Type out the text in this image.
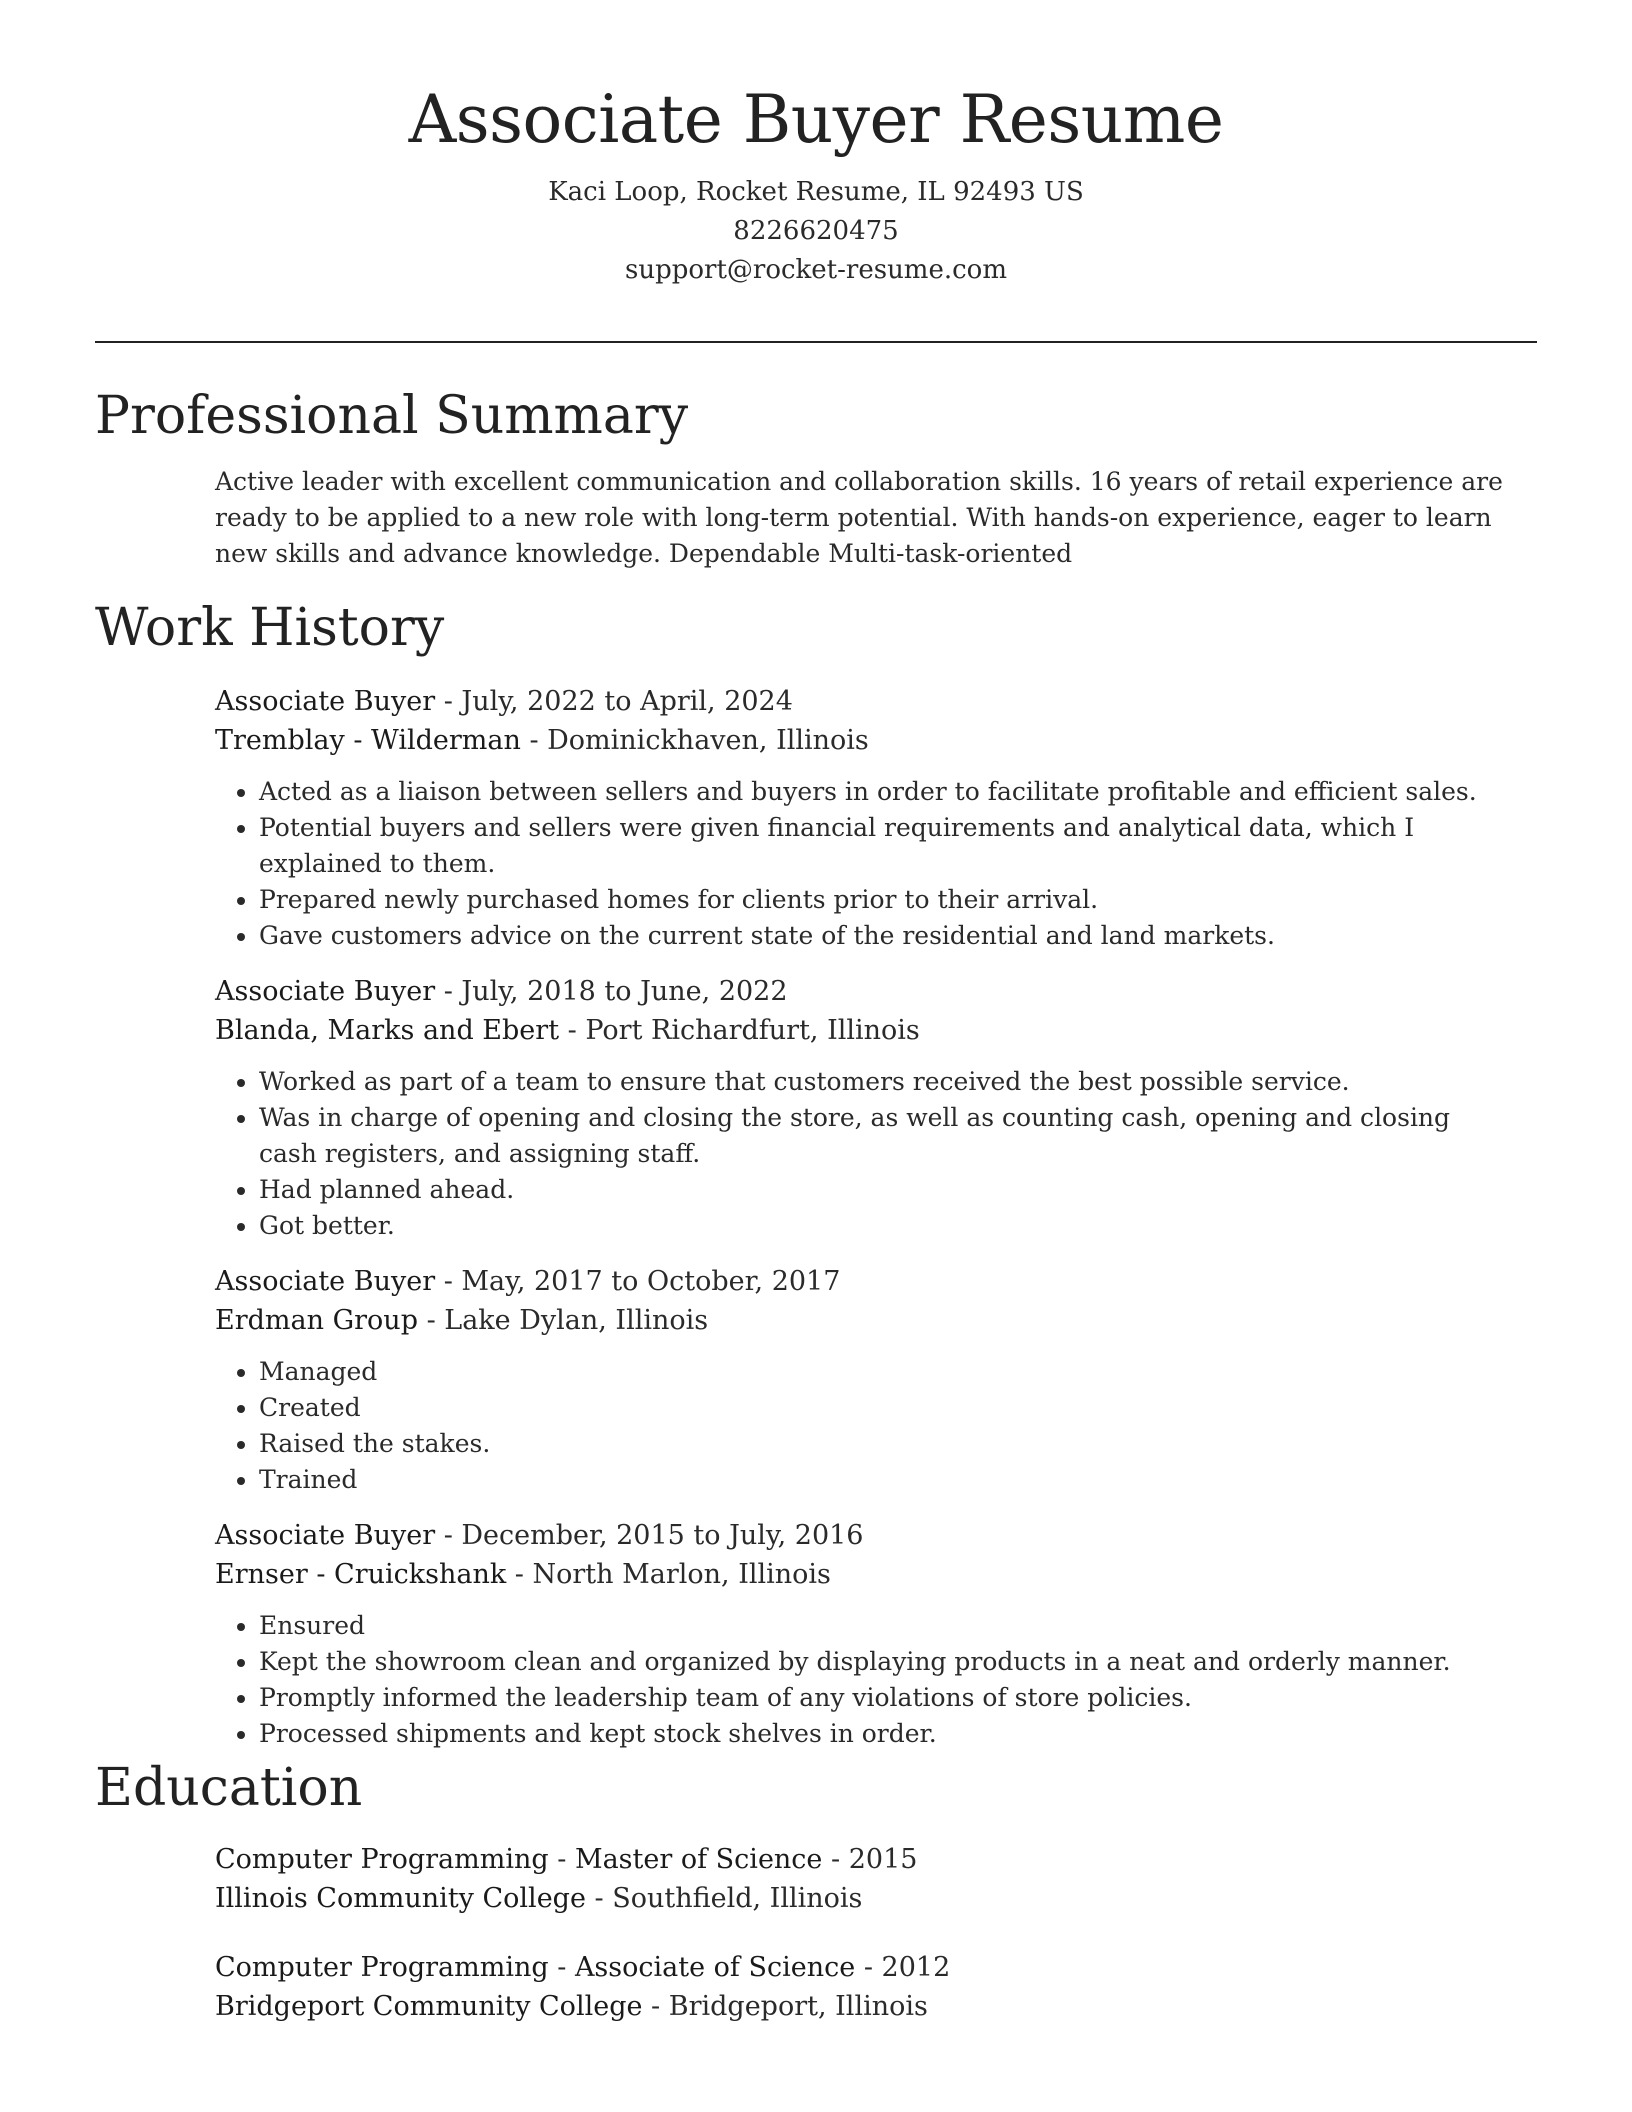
Associate Buyer Resume
Kaci Loop, Rocket Resume, IL 92493 US
8226620475
support@rocket-resume.com
Professional Summary

Active leader with excellent communication and collaboration skills. 16 years of retail experience are ready to be applied to a new role with long-term potential. With hands-on experience, eager to learn new skills and advance knowledge. Dependable Multi-task-oriented

Work History
Associate Buyer - July, 2022 to April, 2024
Tremblay - Wilderman - Dominickhaven, Illinois
• Acted as a liaison between sellers and buyers in order to facilitate profitable and efficient sales.
• Potential buyers and sellers were given financial requirements and analytical data, which I explained to them.
• Prepared newly purchased homes for clients prior to their arrival.
• Gave customers advice on the current state of the residential and land markets.
Associate Buyer - July, 2018 to June, 2022
Blanda, Marks and Ebert - Port Richardfurt, Illinois
• Worked as part of a team to ensure that customers received the best possible service.
• Was in charge of opening and closing the store, as well as counting cash, opening and closing cash registers, and assigning staff.
• Had planned ahead.
• Got better.
Associate Buyer - May, 2017 to October, 2017
Erdman Group - Lake Dylan, Illinois
• Managed
• Created
• Raised the stakes.
• Trained
Associate Buyer - December, 2015 to July, 2016
Ernser - Cruickshank - North Marlon, Illinois
• Ensured
• Kept the showroom clean and organized by displaying products in a neat and orderly manner.
• Promptly informed the leadership team of any violations of store policies.
• Processed shipments and kept stock shelves in order.
Education
Computer Programming - Master of Science - 2015
Illinois Community College - Southfield, Illinois
Computer Programming - Associate of Science - 2012
Bridgeport Community College - Bridgeport, Illinois
